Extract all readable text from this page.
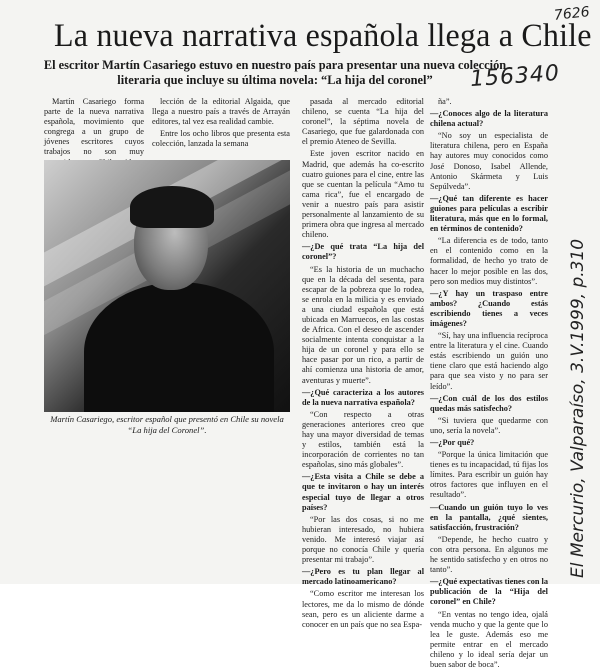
7626
156340
El Mercurio, Valparaíso, 3.V.1999, p.310
La nueva narrativa española llega a Chile

El escritor Martín Casariego estuvo en nuestro país para presentar una nueva colección literaria que incluye su última novela: “La hija del coronel”

Martín Casariego forma parte de la nueva narrativa española, movimiento que congrega a un grupo de jóvenes escritores cuyos trabajos no son muy

lección de la editorial Algaida, que llega a nuestro país a través de Arrayán editores, tal vez esa realidad cambie.

Entre los ocho libros que presenta esta colección, lanzada la semana

Martín Casariego, escritor español que presentó en Chile su novela “La hija del Coronel”.

pasada al mercado editorial chileno, se cuenta “La hija del coronel”, la séptima novela de Casariego, que fue galardonada con el premio Ateneo de Sevilla.

Este joven escritor nacido en Madrid, que además ha co-escrito cuatro guiones para el cine, entre las que se cuentan la película “Amo tu cama rica”, fue el encargado de venir a nuestro país para asistir personalmente al lanzamiento de su primera obra que ingresa al mercado chileno.

—¿De qué trata “La hija del coronel”?

“Es la historia de un muchacho que en la década del sesenta, para escapar de la pobreza que lo rodea, se enrola en la milicia y es enviado a una ciudad española que está ubicada en Marruecos, en las costas de Africa. Con el deseo de ascender socialmente intenta conquistar a la hija de un coronel y para ello se hace pasar por un rico, a partir de ahí comienza una historia de amor, aventuras y muerte”.

—¿Qué caracteriza a los autores de la nueva narrativa española?

“Con respecto a otras generaciones anteriores creo que hay una mayor diversidad de temas y estilos, también está la incorporación de corrientes no tan españolas, sino más globales”.

—¿Esta visita a Chile se debe a que te invitaron o hay un interés especial tuyo de llegar a otros países?

“Por las dos cosas, si no me hubieran interesado, no hubiera venido. Me interesó viajar así porque no conocía Chile y quería presentar mi trabajo”.

—¿Pero es tu plan llegar al mercado latinoamericano?

“Como escritor me interesan los lectores, me da lo mismo de dónde sean, pero es un aliciente darme a conocer en un país que no sea Espa-

ña”.

—¿Conoces algo de la literatura chilena actual?

“No soy un especialista de literatura chilena, pero en España hay autores muy conocidos como José Donoso, Isabel Allende, Antonio Skármeta y Luis Sepúlveda”.

—¿Qué tan diferente es hacer guiones para películas a escribir literatura, más que en lo formal, en términos de contenido?

“La diferencia es de todo, tanto en el contenido como en la formalidad, de hecho yo trato de hacer lo mejor posible en las dos, pero son medios muy distintos”.

—¿Y hay un traspaso entre ambos? ¿Cuando estás escribiendo tienes a veces imágenes?

“Sí, hay una influencia recíproca entre la literatura y el cine. Cuando estás escribiendo un guión uno tiene claro que está haciendo algo para que sea visto y no para ser leído”.

—¿Con cuál de los dos estilos quedas más satisfecho?

“Si tuviera que quedarme con uno, sería la novela”.

—¿Por qué?

“Porque la única limitación que tienes es tu incapacidad, tú fijas los límites. Para escribir un guión hay otros factores que influyen en el resultado”.

—Cuando un guión tuyo lo ves en la pantalla, ¿qué sientes, satisfacción, frustración?

“Depende, he hecho cuatro y con otra persona. En algunos me he sentido satisfecho y en otros no tanto”.

—¿Qué expectativas tienes con la publicación de la “Hija del coronel” en Chile?

“En ventas no tengo idea, ojalá venda mucho y que la gente que lo lea le guste. Además eso me permite entrar en el mercado chileno y lo ideal sería dejar un buen sabor de boca”.
